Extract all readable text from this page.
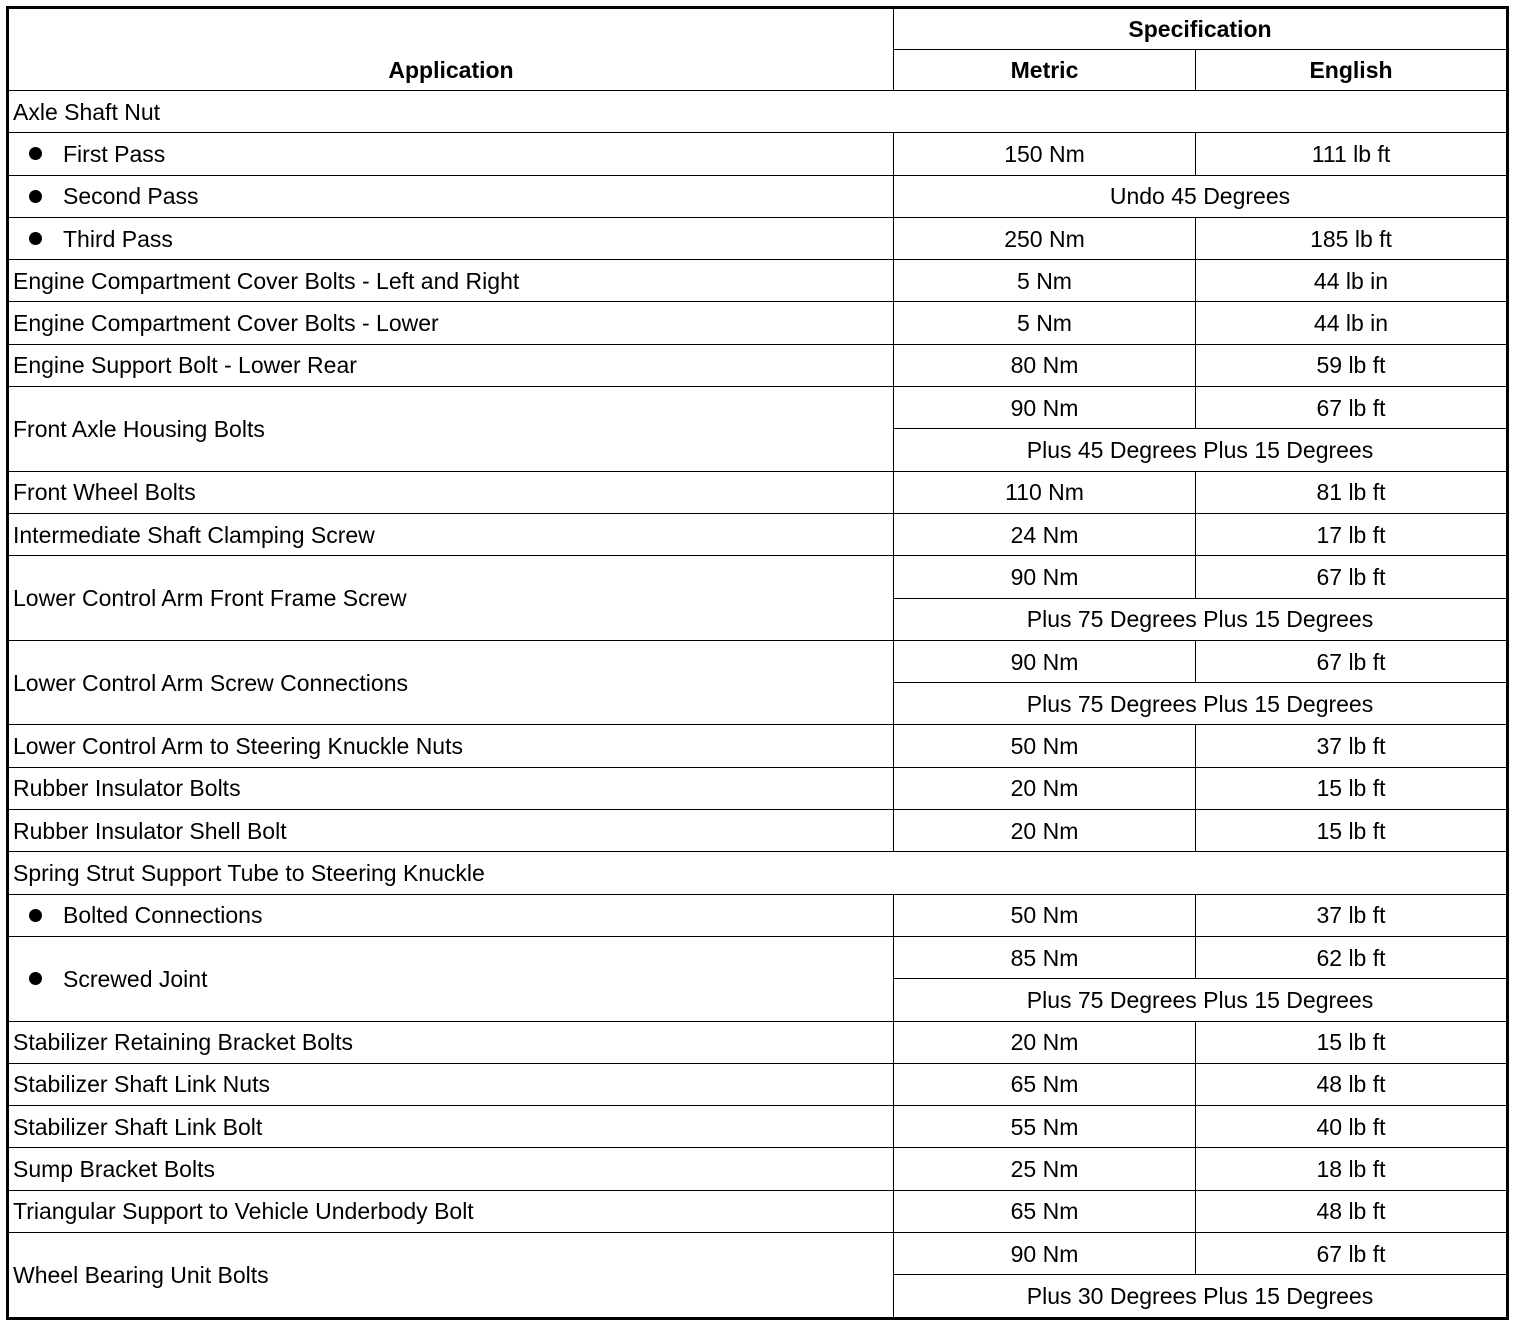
Application	Specification	
	Metric	English
Axle Shaft Nut		
First Pass	150 Nm	111 lb ft
Second Pass	Undo 45 Degrees	
Third Pass	250 Nm	185 lb ft
Engine Compartment Cover Bolts - Left and Right	5 Nm	44 lb in
Engine Compartment Cover Bolts - Lower	5 Nm	44 lb in
Engine Support Bolt - Lower Rear	80 Nm	59 lb ft
Front Axle Housing Bolts	90 Nm	67 lb ft
	Plus 45 Degrees Plus 15 Degrees	
Front Wheel Bolts	110 Nm	81 lb ft
Intermediate Shaft Clamping Screw	24 Nm	17 lb ft
Lower Control Arm Front Frame Screw	90 Nm	67 lb ft
	Plus 75 Degrees Plus 15 Degrees	
Lower Control Arm Screw Connections	90 Nm	67 lb ft
	Plus 75 Degrees Plus 15 Degrees	
Lower Control Arm to Steering Knuckle Nuts	50 Nm	37 lb ft
Rubber Insulator Bolts	20 Nm	15 lb ft
Rubber Insulator Shell Bolt	20 Nm	15 lb ft
Spring Strut Support Tube to Steering Knuckle		
Bolted Connections	50 Nm	37 lb ft
Screwed Joint	85 Nm	62 lb ft
	Plus 75 Degrees Plus 15 Degrees	
Stabilizer Retaining Bracket Bolts	20 Nm	15 lb ft
Stabilizer Shaft Link Nuts	65 Nm	48 lb ft
Stabilizer Shaft Link Bolt	55 Nm	40 lb ft
Sump Bracket Bolts	25 Nm	18 lb ft
Triangular Support to Vehicle Underbody Bolt	65 Nm	48 lb ft
Wheel Bearing Unit Bolts	90 Nm	67 lb ft
	Plus 30 Degrees Plus 15 Degrees	
